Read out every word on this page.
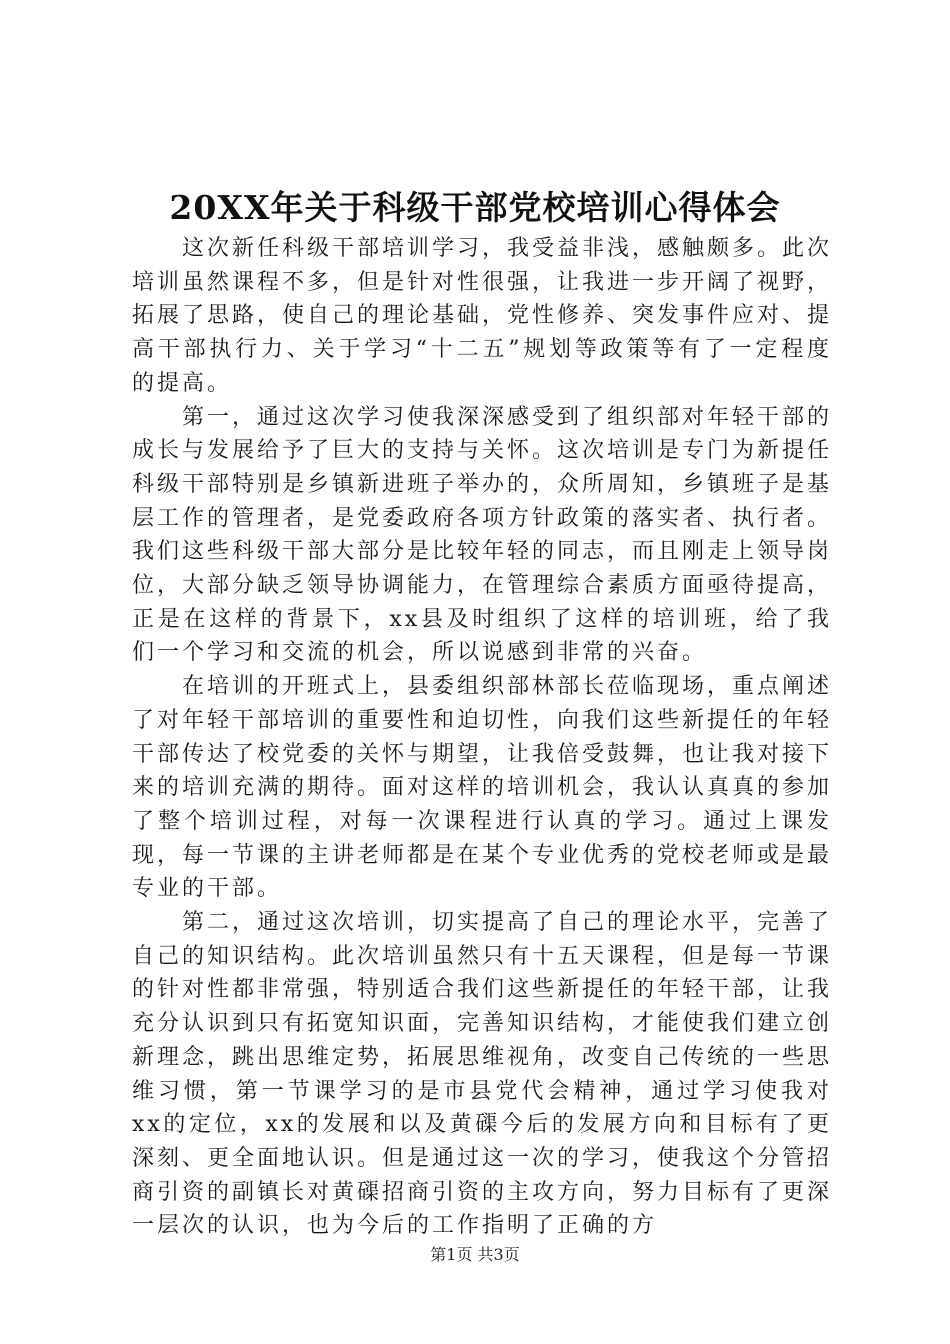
20XX年关于科级干部党校培训心得体会

这次新任科级干部培训学习，我受益非浅，感触颇多。此次培训虽然课程不多，但是针对性很强，让我进一步开阔了视野，拓展了思路，使自己的理论基础，党性修养、突发事件应对、提高干部执行力、关于学习“十二五”规划等政策等有了一定程度的提高。

第一，通过这次学习使我深深感受到了组织部对年轻干部的成长与发展给予了巨大的支持与关怀。这次培训是专门为新提任科级干部特别是乡镇新进班子举办的，众所周知，乡镇班子是基层工作的管理者，是党委政府各项方针政策的落实者、执行者。我们这些科级干部大部分是比较年轻的同志，而且刚走上领导岗位，大部分缺乏领导协调能力，在管理综合素质方面亟待提高，正是在这样的背景下，xx县及时组织了这样的培训班，给了我们一个学习和交流的机会，所以说感到非常的兴奋。

在培训的开班式上，县委组织部林部长莅临现场，重点阐述了对年轻干部培训的重要性和迫切性，向我们这些新提任的年轻干部传达了校党委的关怀与期望，让我倍受鼓舞，也让我对接下来的培训充满的期待。面对这样的培训机会，我认认真真的参加了整个培训过程，对每一次课程进行认真的学习。通过上课发现，每一节课的主讲老师都是在某个专业优秀的党校老师或是最专业的干部。

第二，通过这次培训，切实提高了自己的理论水平，完善了自己的知识结构。此次培训虽然只有十五天课程，但是每一节课的针对性都非常强，特别适合我们这些新提任的年轻干部，让我充分认识到只有拓宽知识面，完善知识结构，才能使我们建立创新理念，跳出思维定势，拓展思维视角，改变自己传统的一些思维习惯，第一节课学习的是市县党代会精神，通过学习使我对xx的定位，xx的发展和以及黄磲今后的发展方向和目标有了更深刻、更全面地认识。但是通过这一次的学习，使我这个分管招商引资的副镇长对黄磲招商引资的主攻方向，努力目标有了更深一层次的认识，也为今后的工作指明了正确的方

第1页 共3页
